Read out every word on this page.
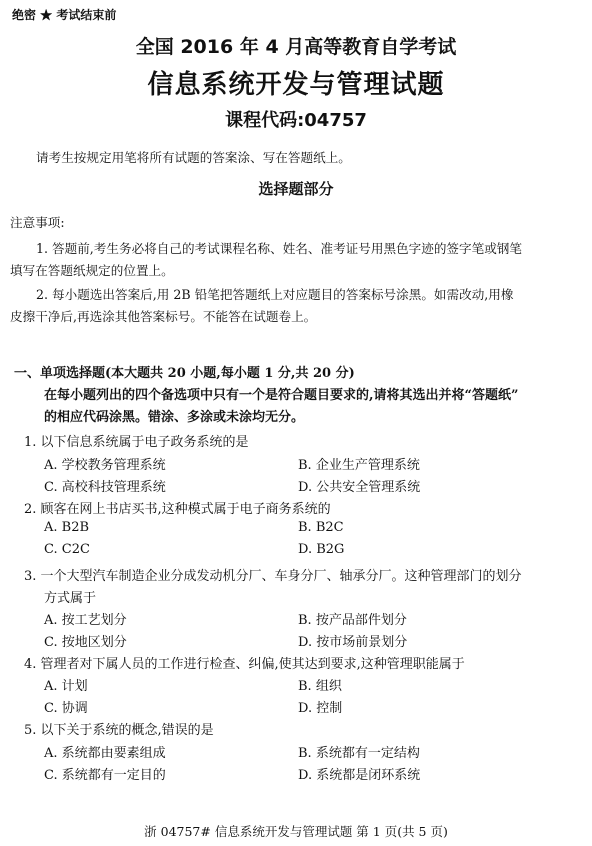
绝密 ★ 考试结束前
全国 2016 年 4 月高等教育自学考试
信息系统开发与管理试题
课程代码:04757
请考生按规定用笔将所有试题的答案涂、写在答题纸上。
选择题部分
注意事项:
1. 答题前,考生务必将自己的考试课程名称、姓名、准考证号用黑色字迹的签字笔或钢笔
填写在答题纸规定的位置上。
2. 每小题选出答案后,用 2B 铅笔把答题纸上对应题目的答案标号涂黑。如需改动,用橡
皮擦干净后,再选涂其他答案标号。不能答在试题卷上。
一、单项选择题(本大题共 20 小题,每小题 1 分,共 20 分)
在每小题列出的四个备选项中只有一个是符合题目要求的,请将其选出并将“答题纸”
的相应代码涂黑。错涂、多涂或未涂均无分。
1. 以下信息系统属于电子政务系统的是
A. 学校教务管理系统	B. 企业生产管理系统
C. 高校科技管理系统	D. 公共安全管理系统
2. 顾客在网上书店买书,这种模式属于电子商务系统的
A. B2B	B. B2C
C. C2C	D. B2G
3. 一个大型汽车制造企业分成发动机分厂、车身分厂、轴承分厂。这种管理部门的划分
方式属于
A. 按工艺划分	B. 按产品部件划分
C. 按地区划分	D. 按市场前景划分
4. 管理者对下属人员的工作进行检查、纠偏,使其达到要求,这种管理职能属于
A. 计划	B. 组织
C. 协调	D. 控制
5. 以下关于系统的概念,错误的是
A. 系统都由要素组成	B. 系统都有一定结构
C. 系统都有一定目的	D. 系统都是闭环系统
浙 04757# 信息系统开发与管理试题 第 1 页(共 5 页)
